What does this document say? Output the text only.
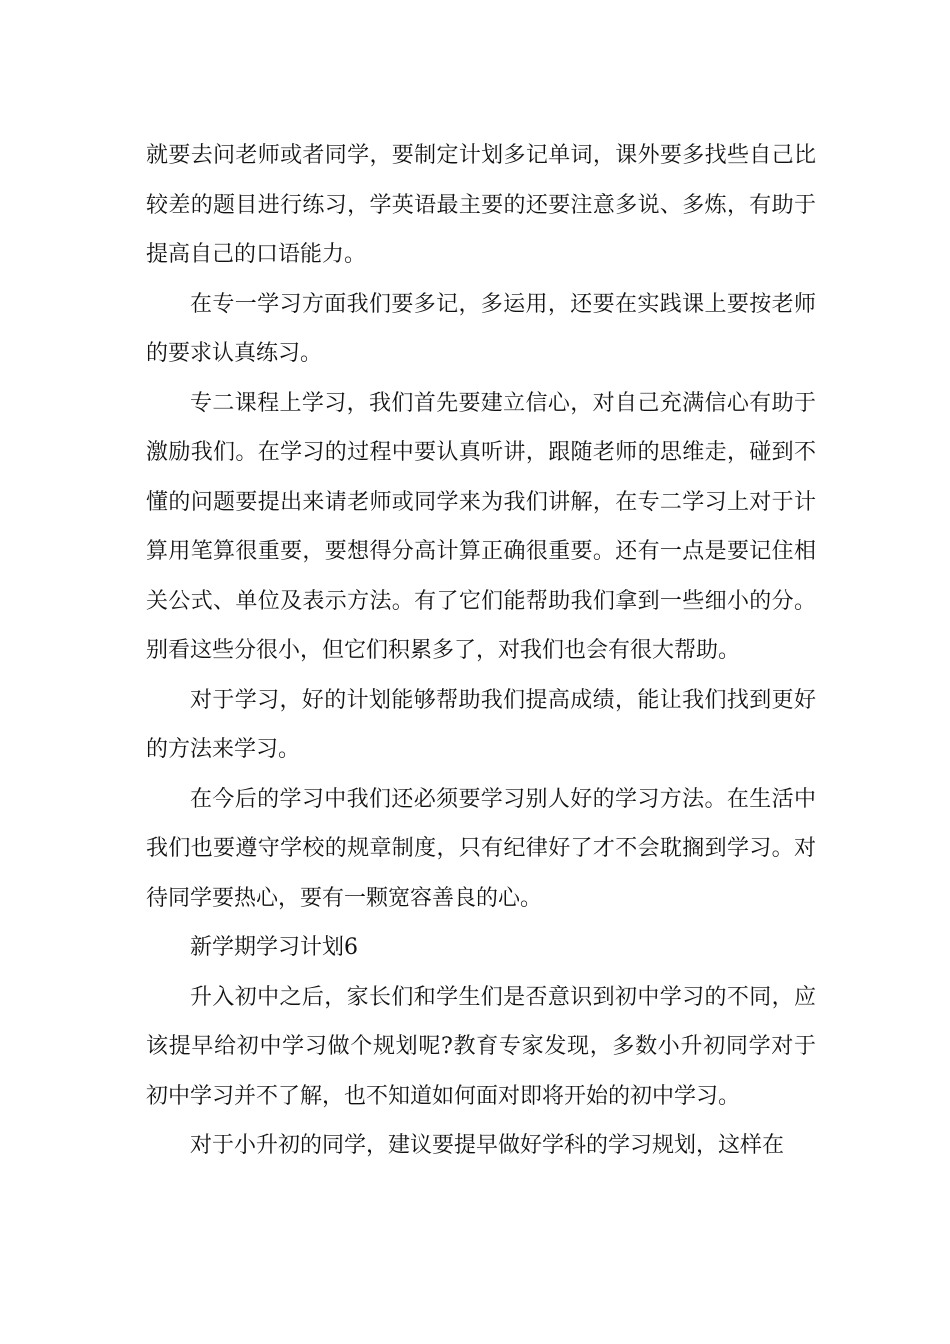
就要去问老师或者同学，要制定计划多记单词，课外要多找些自己比较差的题目进行练习，学英语最主要的还要注意多说、多炼，有助于提高自己的口语能力。

在专一学习方面我们要多记，多运用，还要在实践课上要按老师的要求认真练习。

专二课程上学习，我们首先要建立信心，对自己充满信心有助于激励我们。在学习的过程中要认真听讲，跟随老师的思维走，碰到不懂的问题要提出来请老师或同学来为我们讲解，在专二学习上对于计算用笔算很重要，要想得分高计算正确很重要。还有一点是要记住相关公式、单位及表示方法。有了它们能帮助我们拿到一些细小的分。别看这些分很小，但它们积累多了，对我们也会有很大帮助。

对于学习，好的计划能够帮助我们提高成绩，能让我们找到更好的方法来学习。

在今后的学习中我们还必须要学习别人好的学习方法。在生活中我们也要遵守学校的规章制度，只有纪律好了才不会耽搁到学习。对待同学要热心，要有一颗宽容善良的心。

新学期学习计划6

升入初中之后，家长们和学生们是否意识到初中学习的不同，应该提早给初中学习做个规划呢?教育专家发现，多数小升初同学对于初中学习并不了解，也不知道如何面对即将开始的初中学习。

对于小升初的同学，建议要提早做好学科的学习规划，这样在
